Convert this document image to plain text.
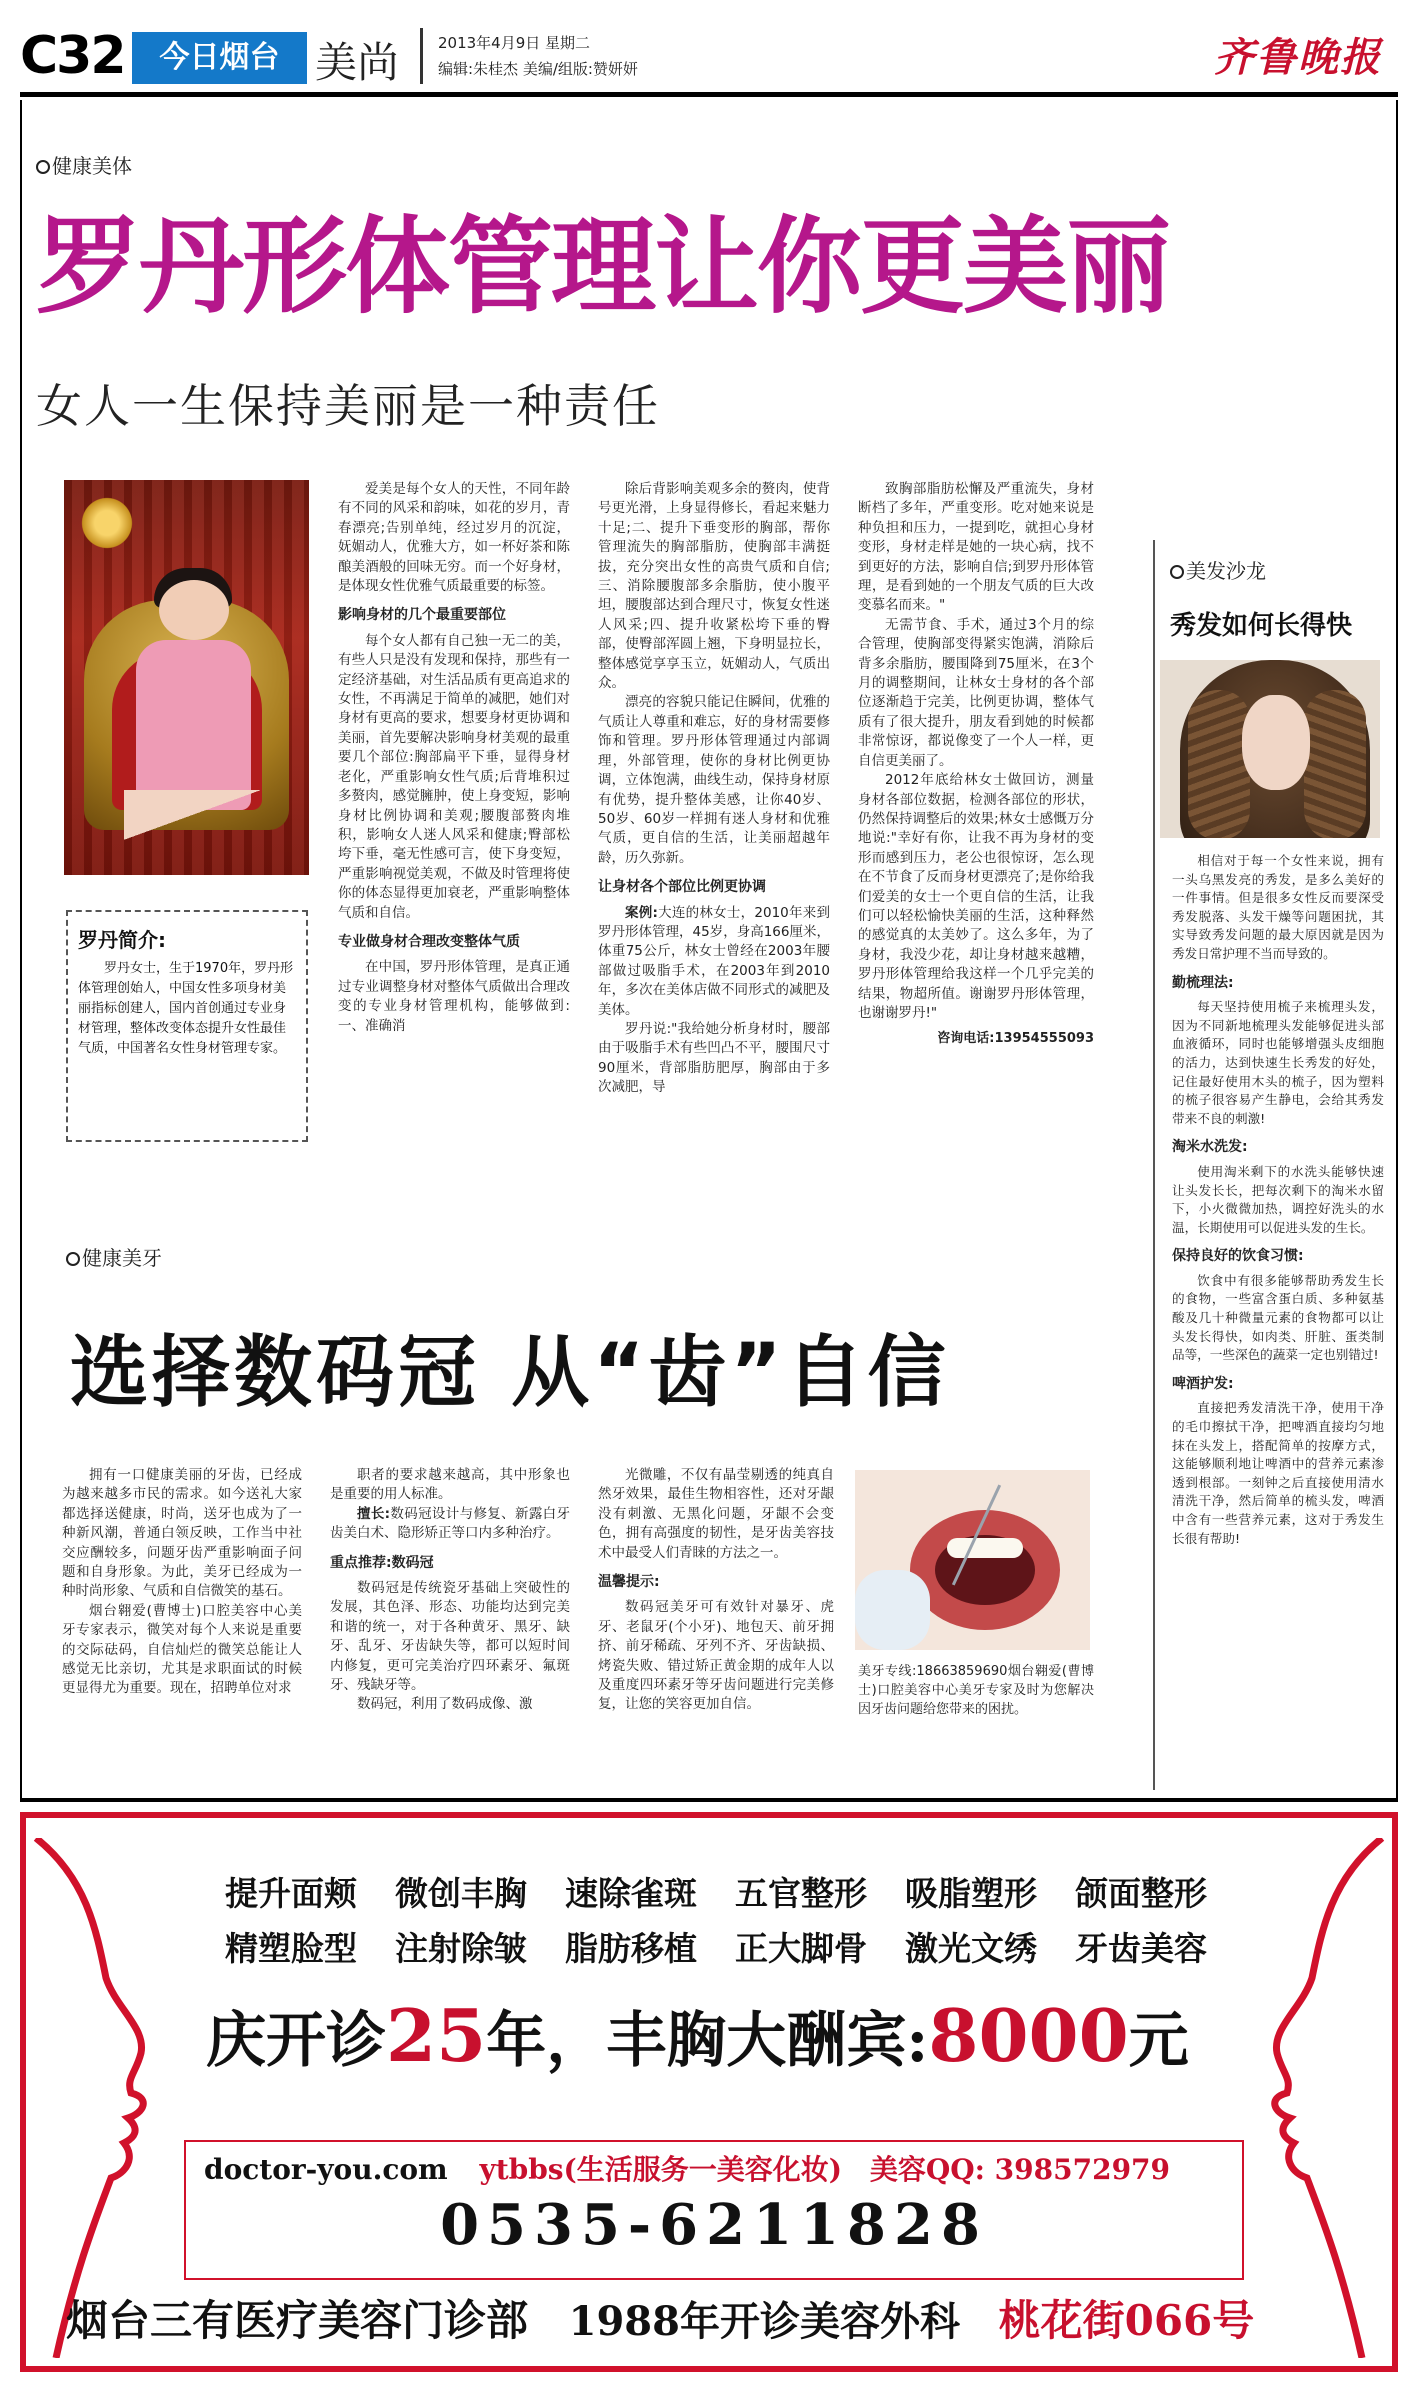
C32	今日烟台 美尚	2013年4月9日 星期二
编辑:朱桂杰 美编/组版:赞妍妍	齐鲁晚报
健康美体
罗丹形体管理让你更美丽
女人一生保持美丽是一种责任
罗丹简介:
罗丹女士，生于1970年，罗丹形体管理创始人，中国女性多项身材美丽指标创建人，国内首创通过专业身材管理，整体改变体态提升女性最佳气质，中国著名女性身材管理专家。

爱美是每个女人的天性，不同年龄有不同的风采和韵味，如花的岁月，青春漂亮;告别单纯，经过岁月的沉淀，妩媚动人，优雅大方，如一杯好茶和陈酿美酒般的回味无穷。而一个好身材，是体现女性优雅气质最重要的标签。

影响身材的几个最重要部位

每个女人都有自己独一无二的美，有些人只是没有发现和保持，那些有一定经济基础，对生活品质有更高追求的女性，不再满足于简单的减肥，她们对身材有更高的要求，想要身材更协调和美丽，首先要解决影响身材美观的最重要几个部位:胸部扁平下垂，显得身材老化，严重影响女性气质;后背堆积过多赘肉，感觉臃肿，使上身变短，影响身材比例协调和美观;腰腹部赘肉堆积，影响女人迷人风采和健康;臀部松垮下垂，毫无性感可言，使下身变短，严重影响视觉美观，不做及时管理将使你的体态显得更加衰老，严重影响整体气质和自信。

专业做身材合理改变整体气质

在中国，罗丹形体管理，是真正通过专业调整身材对整体气质做出合理改变的专业身材管理机构，能够做到:一、准确消

除后背影响美观多余的赘肉，使背号更光滑，上身显得修长，看起来魅力十足;二、提升下垂变形的胸部，帮你管理流失的胸部脂肪，使胸部丰满挺拔，充分突出女性的高贵气质和自信;三、消除腰腹部多余脂肪，使小腹平坦，腰腹部达到合理尺寸，恢复女性迷人风采;四、提升收紧松垮下垂的臀部，使臀部浑圆上翘，下身明显拉长，整体感觉享享玉立，妩媚动人，气质出众。

漂亮的容貌只能记住瞬间，优雅的气质让人尊重和难忘，好的身材需要修饰和管理。罗丹形体管理通过内部调理，外部管理，使你的身材比例更协调，立体饱满，曲线生动，保持身材原有优势，提升整体美感，让你40岁、50岁、60岁一样拥有迷人身材和优雅气质，更自信的生活，让美丽超越年龄，历久弥新。

让身材各个部位比例更协调

案例:大连的林女士，2010年来到罗丹形体管理，45岁，身高166厘米，体重75公斤，林女士曾经在2003年腰部做过吸脂手术，在2003年到2010年，多次在美体店做不同形式的减肥及美体。

罗丹说:"我给她分析身材时，腰部由于吸脂手术有些凹凸不平，腰围尺寸90厘米，背部脂肪肥厚，胸部由于多次减肥，导

致胸部脂肪松懈及严重流失，身材断档了多年，严重变形。吃对她来说是种负担和压力，一提到吃，就担心身材变形，身材走样是她的一块心病，找不到更好的方法，影响自信;到罗丹形体管理，是看到她的一个朋友气质的巨大改变慕名而来。"

无需节食、手术，通过3个月的综合管理，使胸部变得紧实饱满，消除后背多余脂肪，腰围降到75厘米，在3个月的调整期间，让林女士身材的各个部位逐渐趋于完美，比例更协调，整体气质有了很大提升，朋友看到她的时候都非常惊讶，都说像变了一个人一样，更自信更美丽了。

2012年底给林女士做回访，测量身材各部位数据，检测各部位的形状，仍然保持调整后的效果;林女士感慨万分地说:"幸好有你，让我不再为身材的变形而感到压力，老公也很惊讶，怎么现在不节食了反而身材更漂亮了;是你给我们爱美的女士一个更自信的生活，让我们可以轻松愉快美丽的生活，这种释然的感觉真的太美妙了。这么多年，为了身材，我没少花，却让身材越来越糟，罗丹形体管理给我这样一个几乎完美的结果，物超所值。谢谢罗丹形体管理，也谢谢罗丹!"

咨询电话:13954555093
美发沙龙
秀发如何长得快

相信对于每一个女性来说，拥有一头乌黑发亮的秀发，是多么美好的一件事情。但是很多女性反而要深受秀发脱落、头发干燥等问题困扰，其实导致秀发问题的最大原因就是因为秀发日常护理不当而导致的。

勤梳理法:

每天坚持使用梳子来梳理头发，因为不同新地梳理头发能够促进头部血液循环，同时也能够增强头皮细胞的活力，达到快速生长秀发的好处，记住最好使用木头的梳子，因为塑料的梳子很容易产生静电，会给其秀发带来不良的刺激!

淘米水洗发:

使用淘米剩下的水洗头能够快速让头发长长，把每次剩下的淘米水留下，小火微微加热，调控好洗头的水温，长期使用可以促进头发的生长。

保持良好的饮食习惯:

饮食中有很多能够帮助秀发生长的食物，一些富含蛋白质、多种氨基酸及几十种微量元素的食物都可以让头发长得快，如肉类、肝脏、蛋类制品等，一些深色的蔬菜一定也别错过!

啤酒护发:

直接把秀发清洗干净，使用干净的毛巾擦拭干净，把啤酒直接均匀地抹在头发上，搭配简单的按摩方式，这能够顺利地让啤酒中的营养元素渗透到根部。一刻钟之后直接使用清水清洗干净，然后简单的梳头发，啤酒中含有一些营养元素，这对于秀发生长很有帮助!

健康美牙
选择数码冠 从“齿”自信

拥有一口健康美丽的牙齿，已经成为越来越多市民的需求。如今送礼大家都选择送健康，时尚，送牙也成为了一种新风潮，普通白领反映，工作当中社交应酬较多，问题牙齿严重影响面子问题和自身形象。为此，美牙已经成为一种时尚形象、气质和自信微笑的基石。

烟台翱爱(曹博士)口腔美容中心美牙专家表示，微笑对每个人来说是重要的交际砝码，自信灿烂的微笑总能让人感觉无比亲切，尤其是求职面试的时候更显得尤为重要。现在，招聘单位对求

职者的要求越来越高，其中形象也是重要的用人标准。

擅长:数码冠设计与修复、新露白牙齿美白术、隐形矫正等口内多种治疗。

重点推荐:数码冠

数码冠是传统瓷牙基础上突破性的发展，其色泽、形态、功能均达到完美和谐的统一，对于各种黄牙、黑牙、缺牙、乱牙、牙齿缺失等，都可以短时间内修复，更可完美治疗四环素牙、氟斑牙、残缺牙等。

数码冠，利用了数码成像、激

光微雕，不仅有晶莹剔透的纯真自然牙效果，最佳生物相容性，还对牙龈没有刺激、无黑化问题，牙龈不会变色，拥有高强度的韧性，是牙齿美容技术中最受人们青睐的方法之一。

温馨提示:

数码冠美牙可有效针对暴牙、虎牙、老鼠牙(个小牙)、地包天、前牙拥挤、前牙稀疏、牙列不齐、牙齿缺损、烤瓷失败、错过矫正黄金期的成年人以及重度四环素牙等牙齿问题进行完美修复，让您的笑容更加自信。

美牙专线:18663859690烟台翱爱(曹博士)口腔美容中心美牙专家及时为您解决因牙齿问题给您带来的困扰。

提升面颊	微创丰胸	速除雀斑	五官整形	吸脂塑形	颌面整形
精塑脸型	注射除皱	脂肪移植	正大脚骨	激光文绣	牙齿美容
庆开诊25年，丰胸大酬宾:8000元
doctor-you.com ytbbs(生活服务一美容化妆) 美容QQ: 398572979
0535-6211828
烟台三有医疗美容门诊部 1988年开诊美容外科 桃花街066号
